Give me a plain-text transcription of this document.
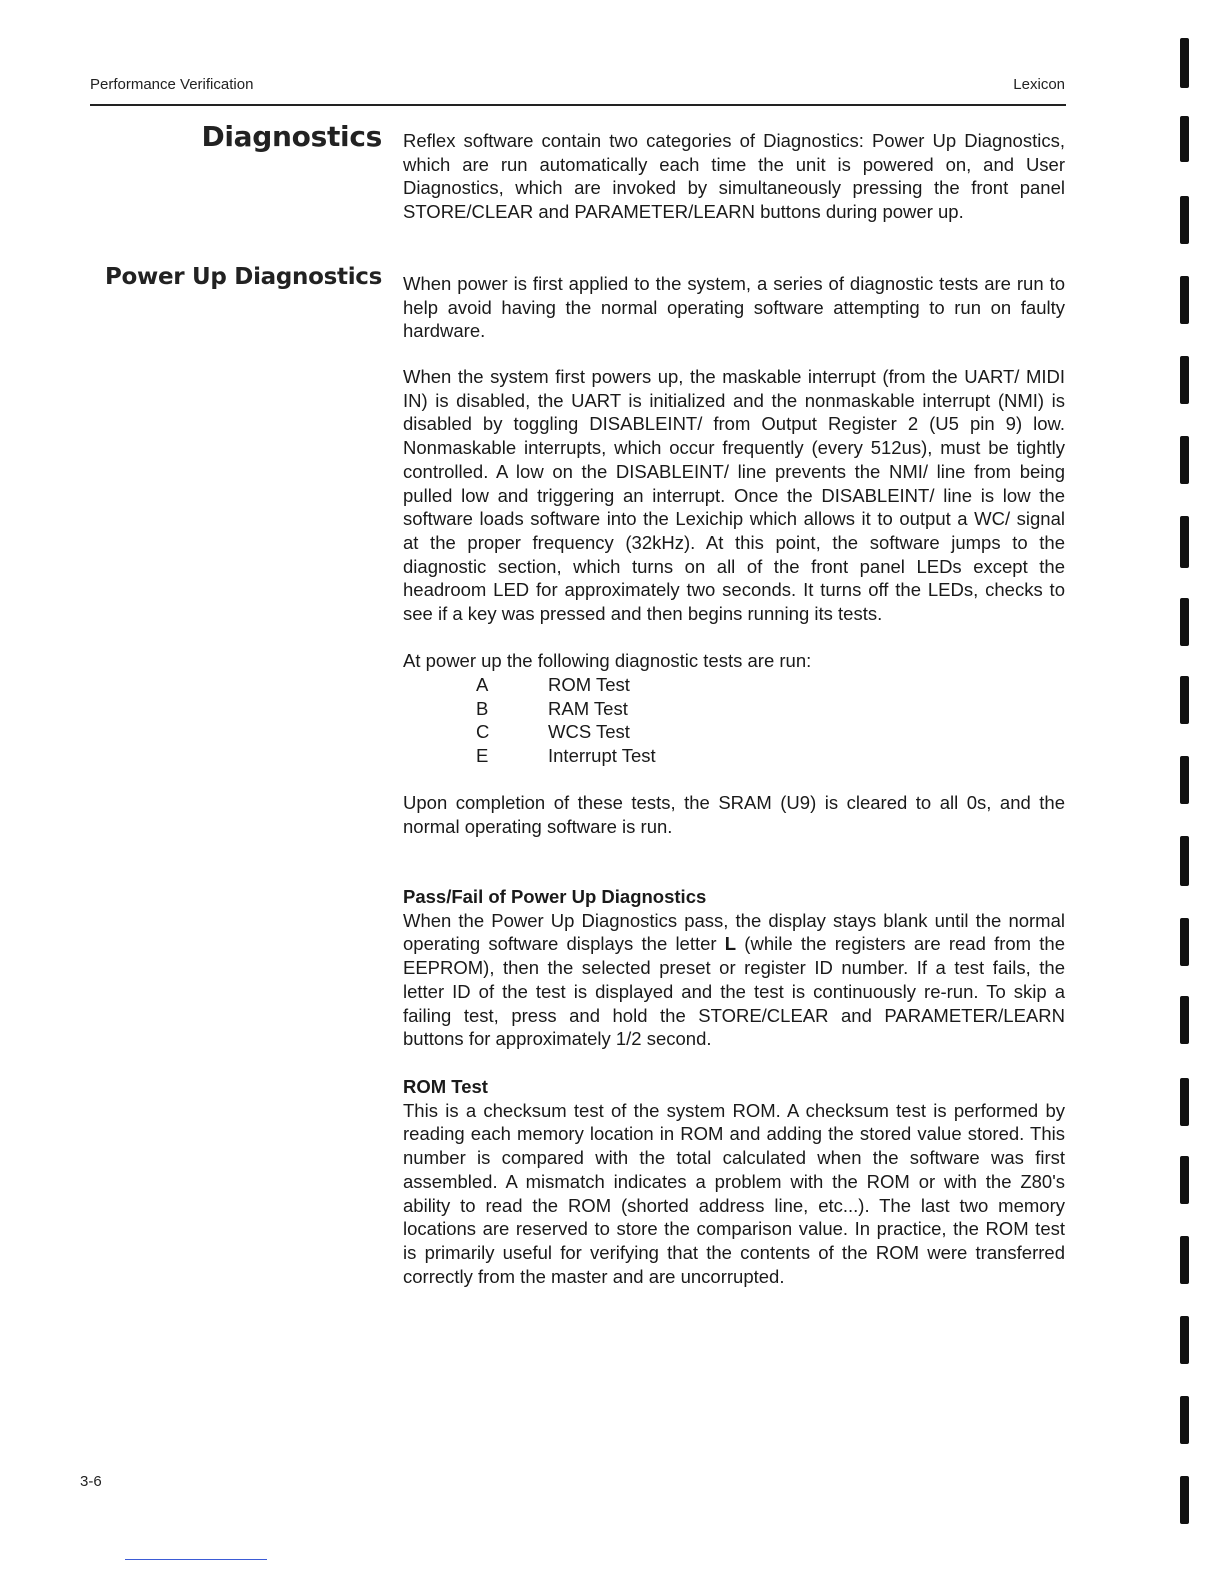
Performance Verification	Lexicon
Diagnostics
Power Up Diagnostics

Reflex software contain two categories of Diagnostics: Power Up Diagnostics, which are run automatically each time the unit is powered on, and User Diagnostics, which are invoked by simultaneously pressing the front panel STORE/CLEAR and PARAMETER/LEARN buttons during power up.

When power is first applied to the system, a series of diagnostic tests are run to help avoid having the normal operating software attempting to run on faulty hardware.

When the system first powers up, the maskable interrupt (from the UART/ MIDI IN) is disabled, the UART is initialized and the nonmaskable interrupt (NMI) is disabled by toggling DISABLEINT/ from Output Register 2 (U5 pin 9) low. Nonmaskable interrupts, which occur frequently (every 512us), must be tightly controlled. A low on the DISABLEINT/ line prevents the NMI/ line from being pulled low and triggering an interrupt. Once the DISABLEINT/ line is low the software loads software into the Lexichip which allows it to output a WC/ signal at the proper frequency (32kHz). At this point, the software jumps to the diagnostic section, which turns on all of the front panel LEDs except the headroom LED for approximately two seconds. It turns off the LEDs, checks to see if a key was pressed and then begins running its tests.

At power up the following diagnostic tests are run:

A	ROM Test
B	RAM Test
C	WCS Test
E	Interrupt Test

Upon completion of these tests, the SRAM (U9) is cleared to all 0s, and the normal operating software is run.

Pass/Fail of Power Up Diagnostics

When the Power Up Diagnostics pass, the display stays blank until the normal operating software displays the letter L (while the registers are read from the EEPROM), then the selected preset or register ID number. If a test fails, the letter ID of the test is displayed and the test is continuously re-run. To skip a failing test, press and hold the STORE/CLEAR and PARAMETER/LEARN buttons for approximately 1/2 second.

ROM Test

This is a checksum test of the system ROM. A checksum test is performed by reading each memory location in ROM and adding the stored value stored. This number is compared with the total calculated when the software was first assembled. A mismatch indicates a problem with the ROM or with the Z80's ability to read the ROM (shorted address line, etc...). The last two memory locations are reserved to store the comparison value. In practice, the ROM test is primarily useful for verifying that the contents of the ROM were transferred correctly from the master and are uncorrupted.

3-6
